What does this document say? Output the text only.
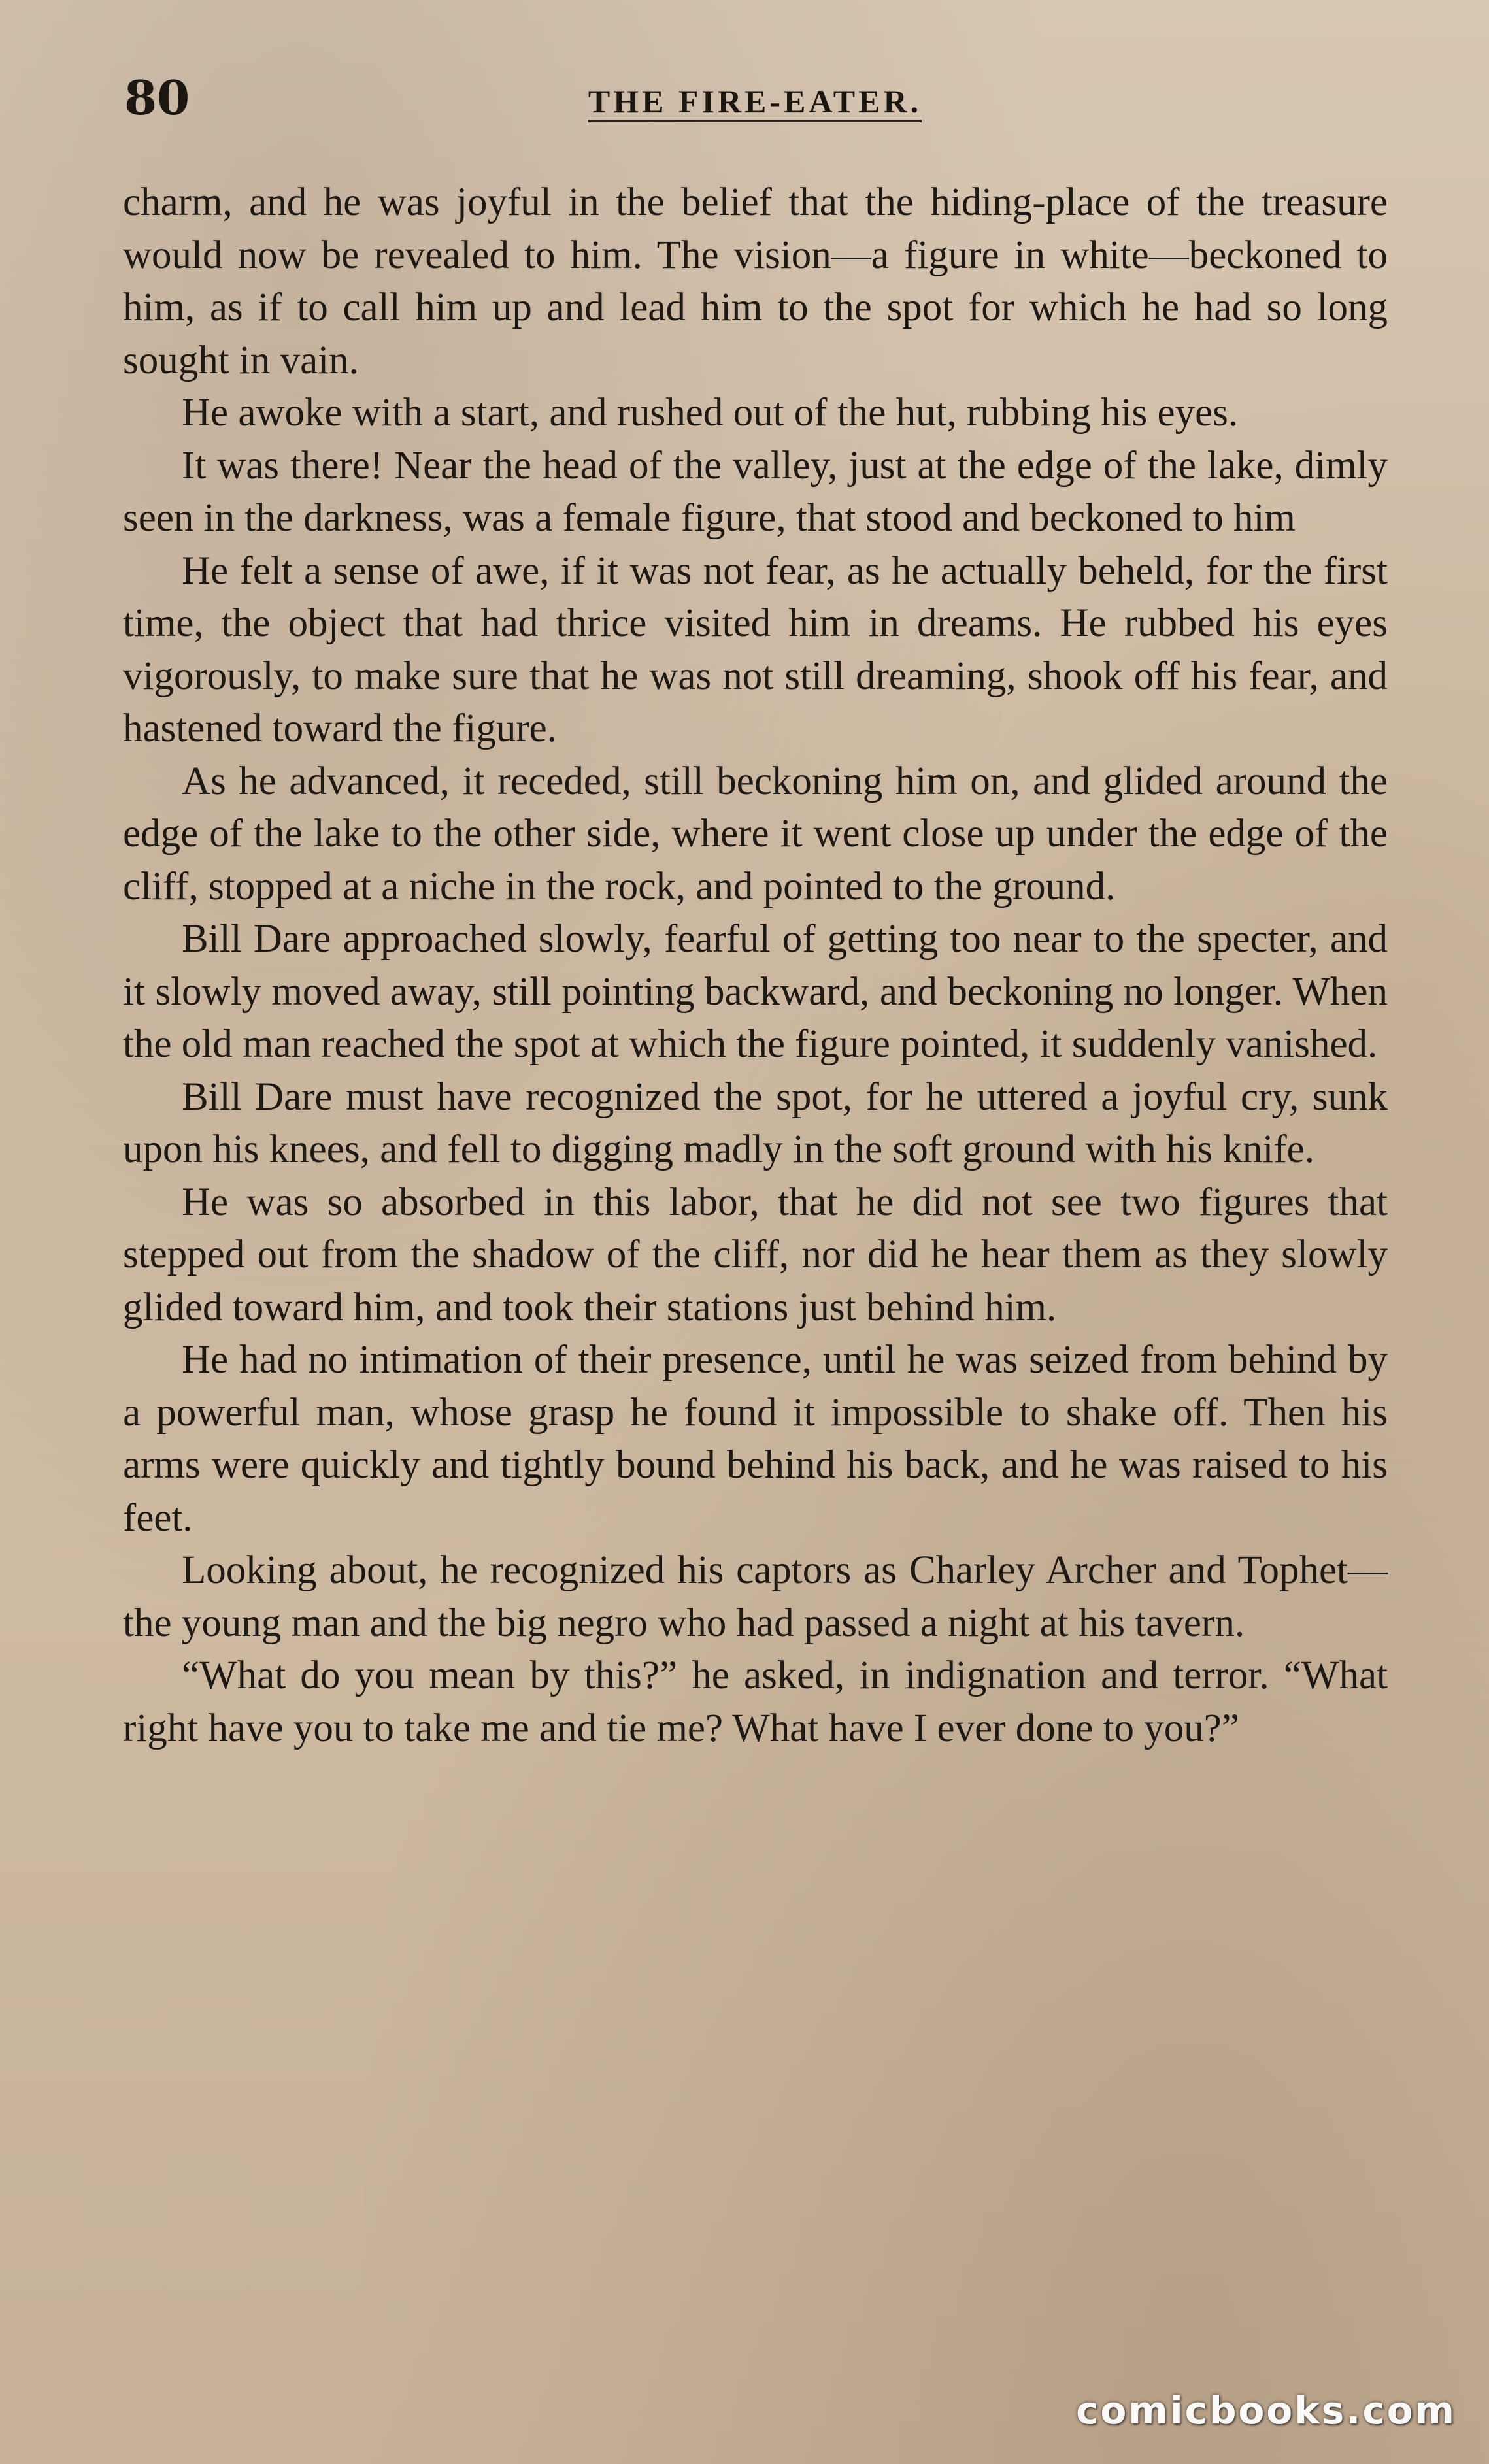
80	THE FIRE-EATER.

charm, and he was joyful in the belief that the hiding-place of the treasure would now be revealed to him. The vision—a figure in white—beckoned to him, as if to call him up and lead him to the spot for which he had so long sought in vain.

He awoke with a start, and rushed out of the hut, rubbing his eyes.

It was there! Near the head of the valley, just at the edge of the lake, dimly seen in the darkness, was a female figure, that stood and beckoned to him

He felt a sense of awe, if it was not fear, as he actually beheld, for the first time, the object that had thrice visited him in dreams. He rubbed his eyes vigorously, to make sure that he was not still dreaming, shook off his fear, and hastened toward the figure.

As he advanced, it receded, still beckoning him on, and glided around the edge of the lake to the other side, where it went close up under the edge of the cliff, stopped at a niche in the rock, and pointed to the ground.

Bill Dare approached slowly, fearful of getting too near to the specter, and it slowly moved away, still pointing backward, and beckoning no longer. When the old man reached the spot at which the figure pointed, it suddenly vanished.

Bill Dare must have recognized the spot, for he uttered a joyful cry, sunk upon his knees, and fell to digging madly in the soft ground with his knife.

He was so absorbed in this labor, that he did not see two figures that stepped out from the shadow of the cliff, nor did he hear them as they slowly glided toward him, and took their stations just behind him.

He had no intimation of their presence, until he was seized from behind by a powerful man, whose grasp he found it impossible to shake off. Then his arms were quickly and tightly bound behind his back, and he was raised to his feet.

Looking about, he recognized his captors as Charley Archer and Tophet—the young man and the big negro who had passed a night at his tavern.

“What do you mean by this?” he asked, in indignation and terror. “What right have you to take me and tie me? What have I ever done to you?”

comicbooks.com
